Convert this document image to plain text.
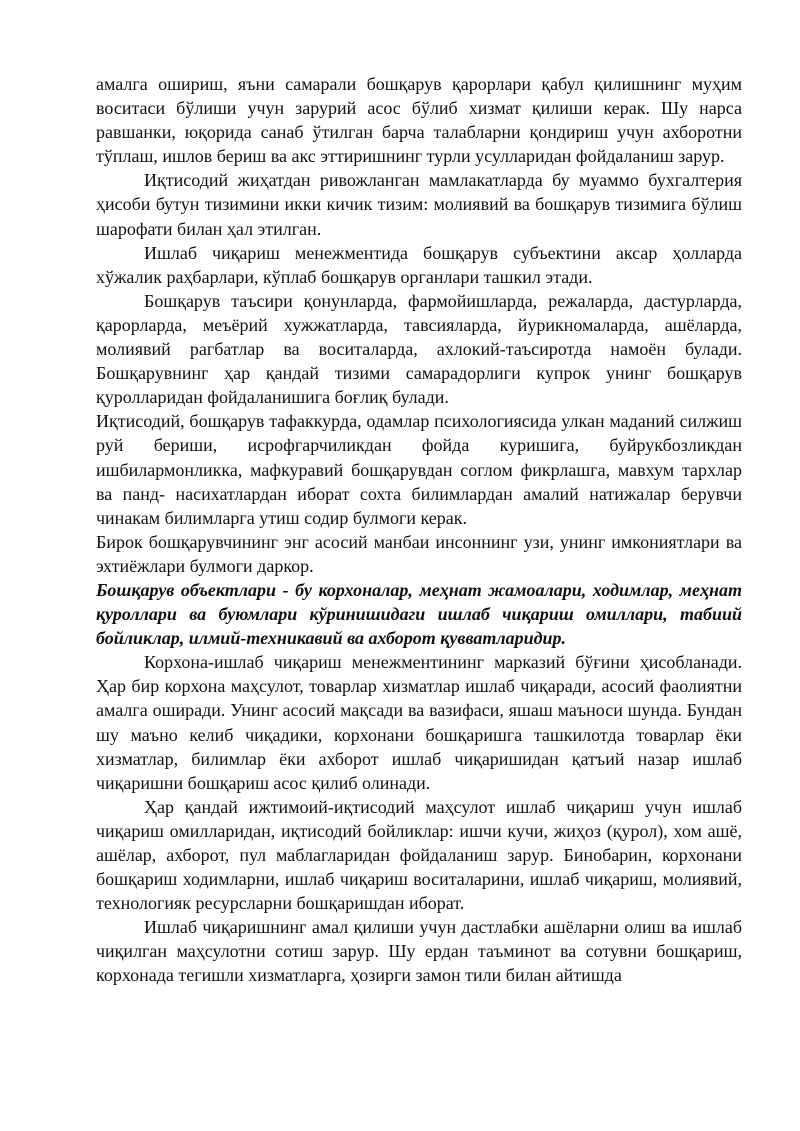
амалга ошириш, яъни самарали бошқарув қарорлари қабул қилишнинг муҳим воситаси бўлиши учун зарурий асос бўлиб хизмат қилиши керак. Шу нарса равшанки, юқорида санаб ўтилган барча талабларни қондириш учун ахборотни тўплаш, ишлов бериш ва акс эттиришнинг турли усулларидан фойдаланиш зарур.

Иқтисодий жиҳатдан ривожланган мамлакатларда бу муаммо бухгалтерия ҳисоби бутун тизимини икки кичик тизим: молиявий ва бошқарув тизимига бўлиш шарофати билан ҳал этилган.

Ишлаб чиқариш менежментида бошқарув субъектини аксар ҳолларда хўжалик раҳбарлари, кўплаб бошқарув органлари ташкил этади.

Бошқарув таъсири қонунларда, фармойишларда, режаларда, дастурларда, қарорларда, меъёрий хужжатларда, тавсияларда, йурикномаларда, ашёларда, молиявий рагбатлар ва воситаларда, ахлокий-таъсиротда намоён булади. Бошқарувнинг ҳар қандай тизими самарадорлиги купрок унинг бошқарув қуролларидан фойдаланишига боғлиқ булади.

Иқтисодий, бошқарув тафаккурда, одамлар психологиясида улкан маданий силжиш руй бериши, исрофгарчиликдан фойда куришига, буйрукбозликдан ишбилармонликка, мафкуравий бошқарувдан соглом фикрлашга, мавхум тархлар ва панд- насихатлардан иборат сохта билимлардан амалий натижалар берувчи чинакам билимларга утиш содир булмоги керак.

Бирок бошқарувчининг энг асосий манбаи инсоннинг узи, унинг имкониятлари ва эхтиёжлари булмоги даркор.

Бошқарув объектлари - бу корхоналар, меҳнат жамоалари, ходимлар, меҳнат қуроллари ва буюмлари кўринишидаги ишлаб чиқариш омиллари, табиий бойликлар, илмий-техникавий ва ахборот қувватларидир.

Корхона-ишлаб чиқариш менежментининг марказий бўғини ҳисобланади. Ҳар бир корхона маҳсулот, товарлар хизматлар ишлаб чиқаради, асосий фаолиятни амалга оширади. Унинг асосий мақсади ва вазифаси, яшаш маъноси шунда. Бундан шу маъно келиб чиқадики, корхонани бошқаришга ташкилотда товарлар ёки хизматлар, билимлар ёки ахборот ишлаб чиқаришидан қатъий назар ишлаб чиқаришни бошқариш асос қилиб олинади.

Ҳар қандай ижтимоий-иқтисодий маҳсулот ишлаб чиқариш учун ишлаб чиқариш омилларидан, иқтисодий бойликлар: ишчи кучи, жиҳоз (қурол), хом ашё, ашёлар, ахборот, пул маблагларидан фойдаланиш зарур. Бинобарин, корхонани бошқариш ходимларни, ишлаб чиқариш воситаларини, ишлаб чиқариш, молиявий, технологияк ресурсларни бошқаришдан иборат.

Ишлаб чиқаришнинг амал қилиши учун дастлабки ашёларни олиш ва ишлаб чиқилган маҳсулотни сотиш зарур. Шу ердан таъминот ва сотувни бошқариш, корхонада тегишли хизматларга, ҳозирги замон тили билан айтишда
